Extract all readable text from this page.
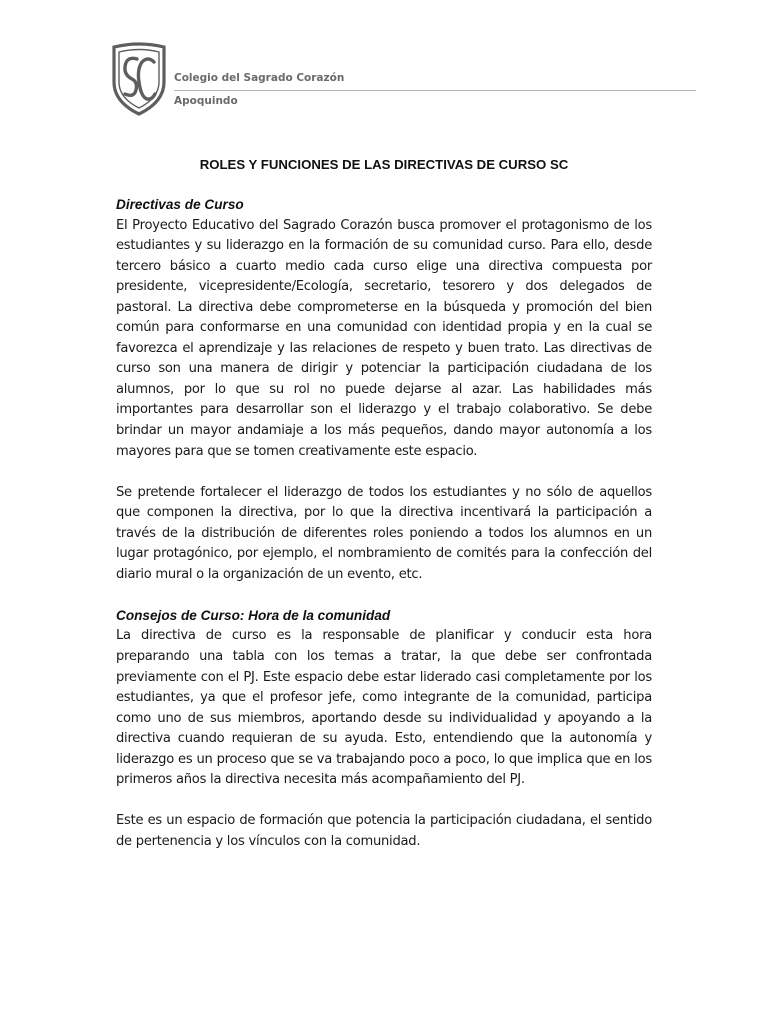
Colegio del Sagrado Corazón
Apoquindo
ROLES Y FUNCIONES DE LAS DIRECTIVAS DE CURSO SC
Directivas de Curso

El Proyecto Educativo del Sagrado Corazón busca promover el protagonismo de los estudiantes y su liderazgo en la formación de su comunidad curso. Para ello, desde tercero básico a cuarto medio cada curso elige una directiva compuesta por presidente, vicepresidente/Ecología, secretario, tesorero y dos delegados de pastoral. La directiva debe comprometerse en la búsqueda y promoción del bien común para conformarse en una comunidad con identidad propia y en la cual se favorezca el aprendizaje y las relaciones de respeto y buen trato. Las directivas de curso son una manera de dirigir y potenciar la participación ciudadana de los alumnos, por lo que su rol no puede dejarse al azar. Las habilidades más importantes para desarrollar son el liderazgo y el trabajo colaborativo. Se debe brindar un mayor andamiaje a los más pequeños, dando mayor autonomía a los mayores para que se tomen creativamente este espacio.

Se pretende fortalecer el liderazgo de todos los estudiantes y no sólo de aquellos que componen la directiva, por lo que la directiva incentivará la participación a través de la distribución de diferentes roles poniendo a todos los alumnos en un lugar protagónico, por ejemplo, el nombramiento de comités para la confección del diario mural o la organización de un evento, etc.

Consejos de Curso: Hora de la comunidad

La directiva de curso es la responsable de planificar y conducir esta hora preparando una tabla con los temas a tratar, la que debe ser confrontada previamente con el PJ. Este espacio debe estar liderado casi completamente por los estudiantes, ya que el profesor jefe, como integrante de la comunidad, participa como uno de sus miembros, aportando desde su individualidad y apoyando a la directiva cuando requieran de su ayuda. Esto, entendiendo que la autonomía y liderazgo es un proceso que se va trabajando poco a poco, lo que implica que en los primeros años la directiva necesita más acompañamiento del PJ.

Este es un espacio de formación que potencia la participación ciudadana, el sentido de pertenencia y los vínculos con la comunidad.
